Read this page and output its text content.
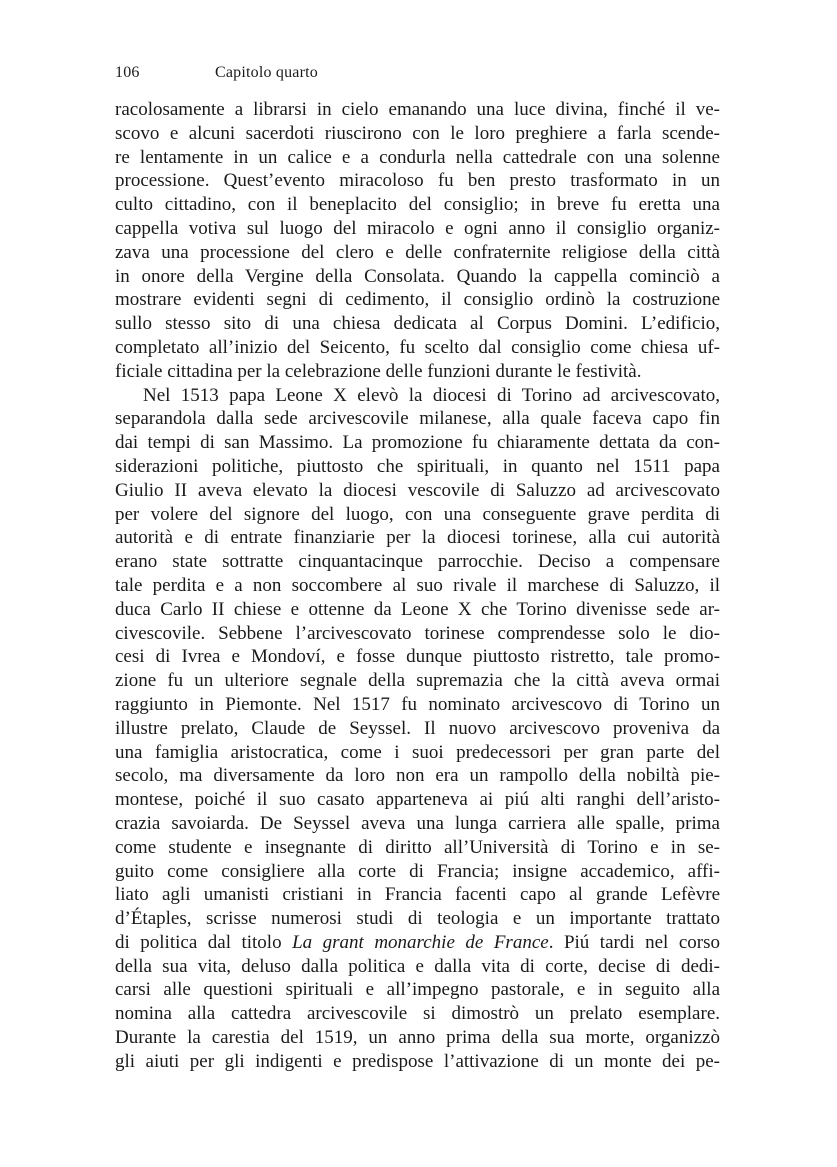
106	Capitolo quarto
racolosamente a librarsi in cielo emanando una luce divina, finché il ve-
scovo e alcuni sacerdoti riuscirono con le loro preghiere a farla scende-
re lentamente in un calice e a condurla nella cattedrale con una solenne
processione. Quest’evento miracoloso fu ben presto trasformato in un
culto cittadino, con il beneplacito del consiglio; in breve fu eretta una
cappella votiva sul luogo del miracolo e ogni anno il consiglio organiz-
zava una processione del clero e delle confraternite religiose della città
in onore della Vergine della Consolata. Quando la cappella cominciò a
mostrare evidenti segni di cedimento, il consiglio ordinò la costruzione
sullo stesso sito di una chiesa dedicata al Corpus Domini. L’edificio,
completato all’inizio del Seicento, fu scelto dal consiglio come chiesa uf-
ficiale cittadina per la celebrazione delle funzioni durante le festività.
Nel 1513 papa Leone X elevò la diocesi di Torino ad arcivescovato,
separandola dalla sede arcivescovile milanese, alla quale faceva capo fin
dai tempi di san Massimo. La promozione fu chiaramente dettata da con-
siderazioni politiche, piuttosto che spirituali, in quanto nel 1511 papa
Giulio II aveva elevato la diocesi vescovile di Saluzzo ad arcivescovato
per volere del signore del luogo, con una conseguente grave perdita di
autorità e di entrate finanziarie per la diocesi torinese, alla cui autorità
erano state sottratte cinquantacinque parrocchie. Deciso a compensare
tale perdita e a non soccombere al suo rivale il marchese di Saluzzo, il
duca Carlo II chiese e ottenne da Leone X che Torino divenisse sede ar-
civescovile. Sebbene l’arcivescovato torinese comprendesse solo le dio-
cesi di Ivrea e Mondoví, e fosse dunque piuttosto ristretto, tale promo-
zione fu un ulteriore segnale della supremazia che la città aveva ormai
raggiunto in Piemonte. Nel 1517 fu nominato arcivescovo di Torino un
illustre prelato, Claude de Seyssel. Il nuovo arcivescovo proveniva da
una famiglia aristocratica, come i suoi predecessori per gran parte del
secolo, ma diversamente da loro non era un rampollo della nobiltà pie-
montese, poiché il suo casato apparteneva ai piú alti ranghi dell’aristo-
crazia savoiarda. De Seyssel aveva una lunga carriera alle spalle, prima
come studente e insegnante di diritto all’Università di Torino e in se-
guito come consigliere alla corte di Francia; insigne accademico, affi-
liato agli umanisti cristiani in Francia facenti capo al grande Lefèvre
d’Étaples, scrisse numerosi studi di teologia e un importante trattato
di politica dal titolo La grant monarchie de France. Piú tardi nel corso
della sua vita, deluso dalla politica e dalla vita di corte, decise di dedi-
carsi alle questioni spirituali e all’impegno pastorale, e in seguito alla
nomina alla cattedra arcivescovile si dimostrò un prelato esemplare.
Durante la carestia del 1519, un anno prima della sua morte, organizzò
gli aiuti per gli indigenti e predispose l’attivazione di un monte dei pe-
